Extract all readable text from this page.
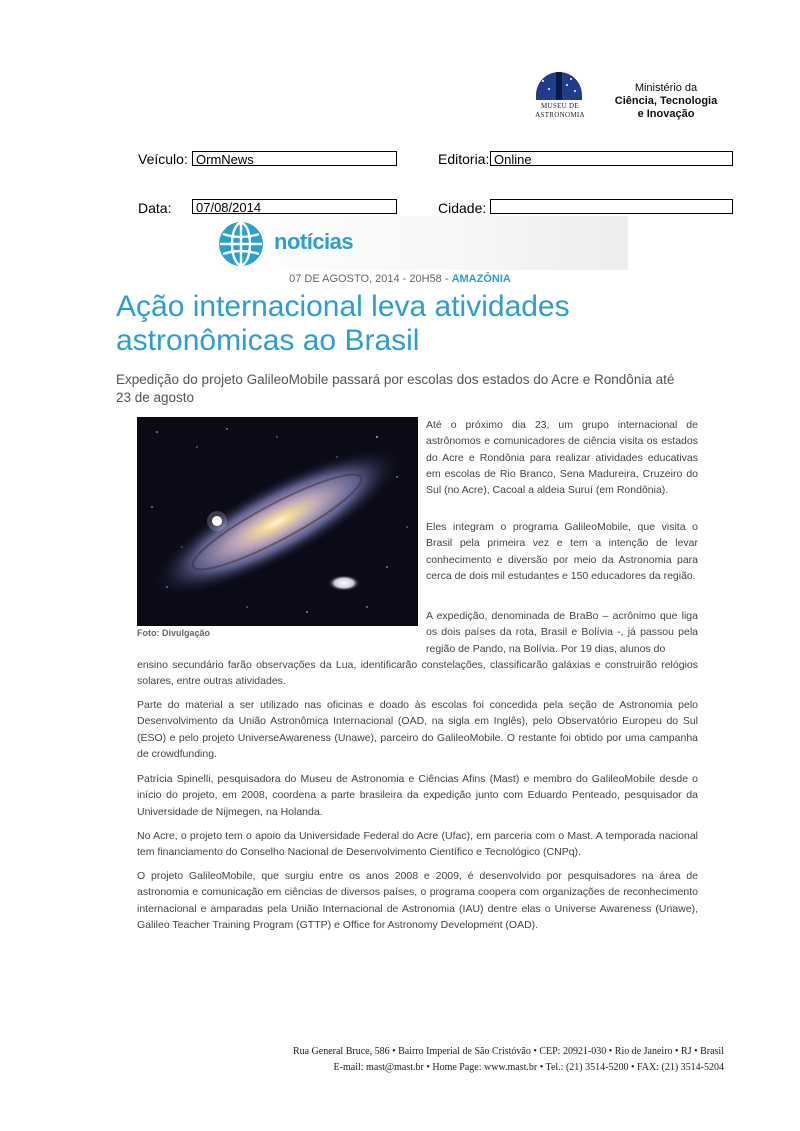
MUSEU DE
ASTRONOMIA
Ministério da
Ciência, Tecnologia
e Inovação
Veículo: OrmNews	Editoria: Online
Data:	07/08/2014	Cidade:
notícias
07 DE AGOSTO, 2014 - 20H58 - AMAZÔNIA
Ação internacional leva atividades astronômicas ao Brasil
Expedição do projeto GalileoMobile passará por escolas dos estados do Acre e Rondônia até 23 de agosto
Foto: Divulgação
Até o próximo dia 23, um grupo internacional de astrônomos e comunicadores de ciência visita os estados do Acre e Rondônia para realizar atividades educativas em escolas de Rio Branco, Sena Madureira, Cruzeiro do Sul (no Acre), Cacoal a aldeia Suruí (em Rondônia).
Eles integram o programa GalileoMobile, que visita o Brasil pela primeira vez e tem a intenção de levar conhecimento e diversão por meio da Astronomia para cerca de dois mil estudantes e 150 educadores da região.
A expedição, denominada de BraBo – acrônimo que liga os dois países da rota, Brasil e Bolívia -, já passou pela região de Pando, na Bolívia. Por 19 dias, alunos do
ensino secundário farão observações da Lua, identificarão constelações, classificarão galáxias e construirão relógios solares, entre outras atividades.
Parte do material a ser utilizado nas oficinas e doado às escolas foi concedida pela seção de Astronomia pelo Desenvolvimento da União Astronômica Internacional (OAD, na sigla em Inglês), pelo Observatório Europeu do Sul (ESO) e pelo projeto UniverseAwareness (Unawe), parceiro do GalileoMobile. O restante foi obtido por uma campanha de crowdfunding.
Patrícia Spinelli, pesquisadora do Museu de Astronomia e Ciências Afins (Mast) e membro do GalileoMobile desde o início do projeto, em 2008, coordena a parte brasileira da expedição junto com Eduardo Penteado, pesquisador da Universidade de Nijmegen, na Holanda.
No Acre, o projeto tem o apoio da Universidade Federal do Acre (Ufac), em parceria com o Mast. A temporada nacional tem financiamento do Conselho Nacional de Desenvolvimento Científico e Tecnológico (CNPq).
O projeto GalileoMobile, que surgiu entre os anos 2008 e 2009, é desenvolvido por pesquisadores na área de astronomia e comunicação em ciências de diversos países, o programa coopera com organizações de reconhecimento internacional e amparadas pela União Internacional de Astronomia (IAU) dentre elas o Universe Awareness (Unawe), Galileo Teacher Training Program (GTTP) e Office for Astronomy Development (OAD).
Rua General Bruce, 586 • Bairro Imperial de São Cristóvão • CEP: 20921-030 • Rio de Janeiro • RJ • Brasil
E-mail: mast@mast.br • Home Page: www.mast.br • Tel.: (21) 3514-5200 • FAX: (21) 3514-5204
